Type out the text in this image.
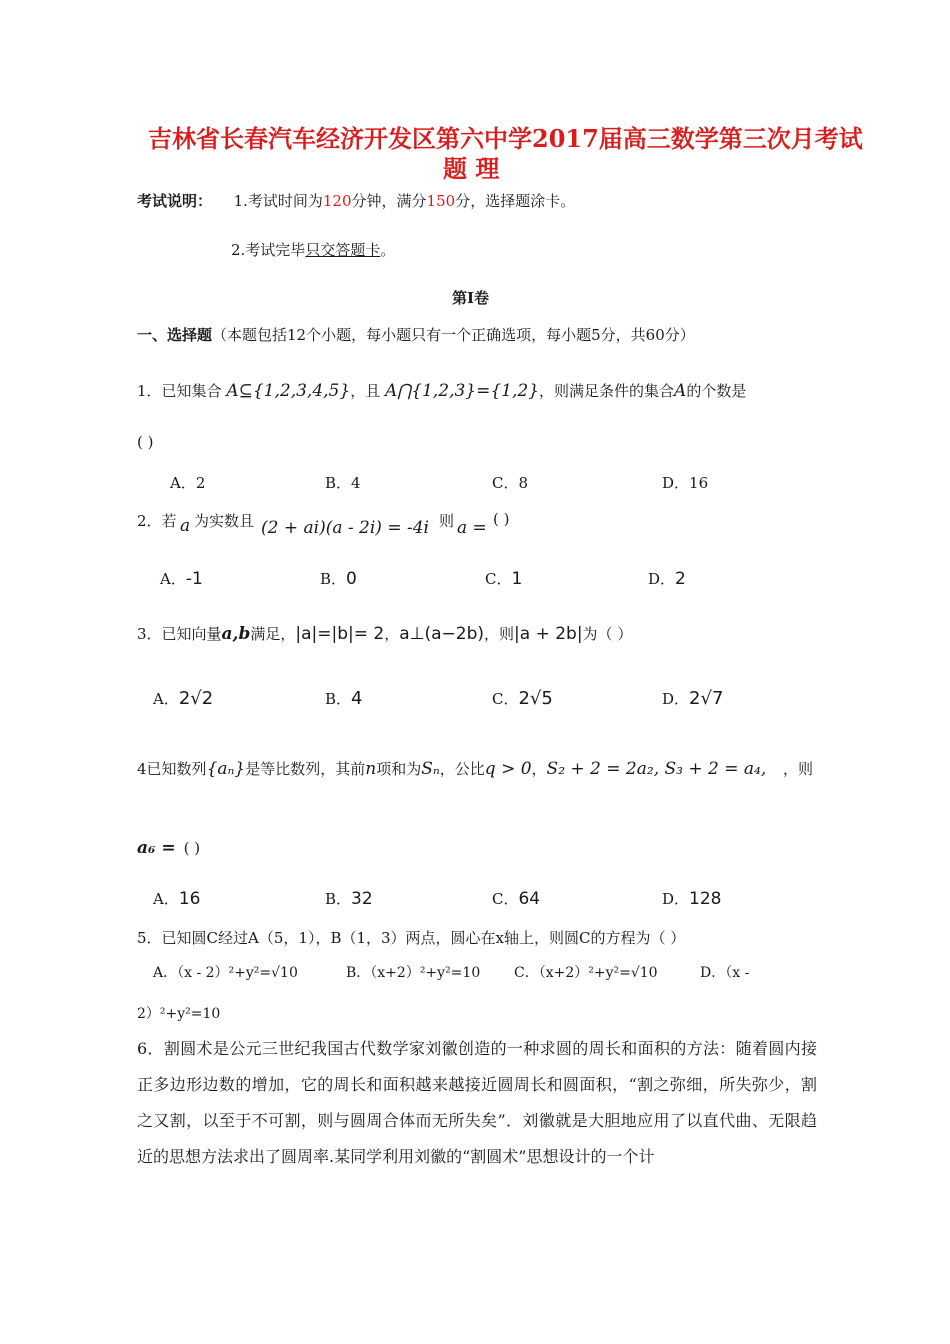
吉林省长春汽车经济开发区第六中学2017届高三数学第三次月考试
题 理
考试说明： 1.考试时间为120分钟，满分150分，选择题涂卡。
2.考试完毕只交答题卡。
第Ⅰ卷
一、选择题（本题包括12个小题，每小题只有一个正确选项，每小题5分，共60分）
1．已知集合 A⊆{1,2,3,4,5}，且 A⋂{1,2,3}={1,2}，则满足条件的集合A的个数是
( )
A．2	B．4	C．8	D．16
2．若 a 为实数且 (2 + ai)(a - 2i) = -4i
，则 a = ( )
A．-1	B．0	C．1	D．2
3．已知向量a,b满足，|a|=|b|= 2，a⊥(a−2b)，则|a + 2b|为（ ）
A．2√2	B．4	C．2√5	D．2√7
4已知数列{aₙ}是等比数列，其前n项和为Sₙ，公比q > 0，S₂ + 2 = 2a₂, S₃ + 2 = a₄, ，则
a₆ = ( )
A．16	B．32	C．64	D．128
5．已知圆C经过A（5，1），B（1，3）两点，圆心在x轴上，则圆C的方程为（ ）
A．（x - 2）²+y²=√10	B．（x+2）²+y²=10 C．（x+2）²+y²=√10	D．（x -
2）²+y²=10
6．割圆术是公元三世纪我国古代数学家刘徽创造的一种求圆的周长和面积的方法：随着圆内接正多边形边数的增加，它的周长和面积越来越接近圆周长和圆面积，“割之弥细，所失弥少，割之又割，以至于不可割，则与圆周合体而无所失矣”．刘徽就是大胆地应用了以直代曲、无限趋近的思想方法求出了圆周率.某同学利用刘徽的“割圆术”思想设计的一个计
